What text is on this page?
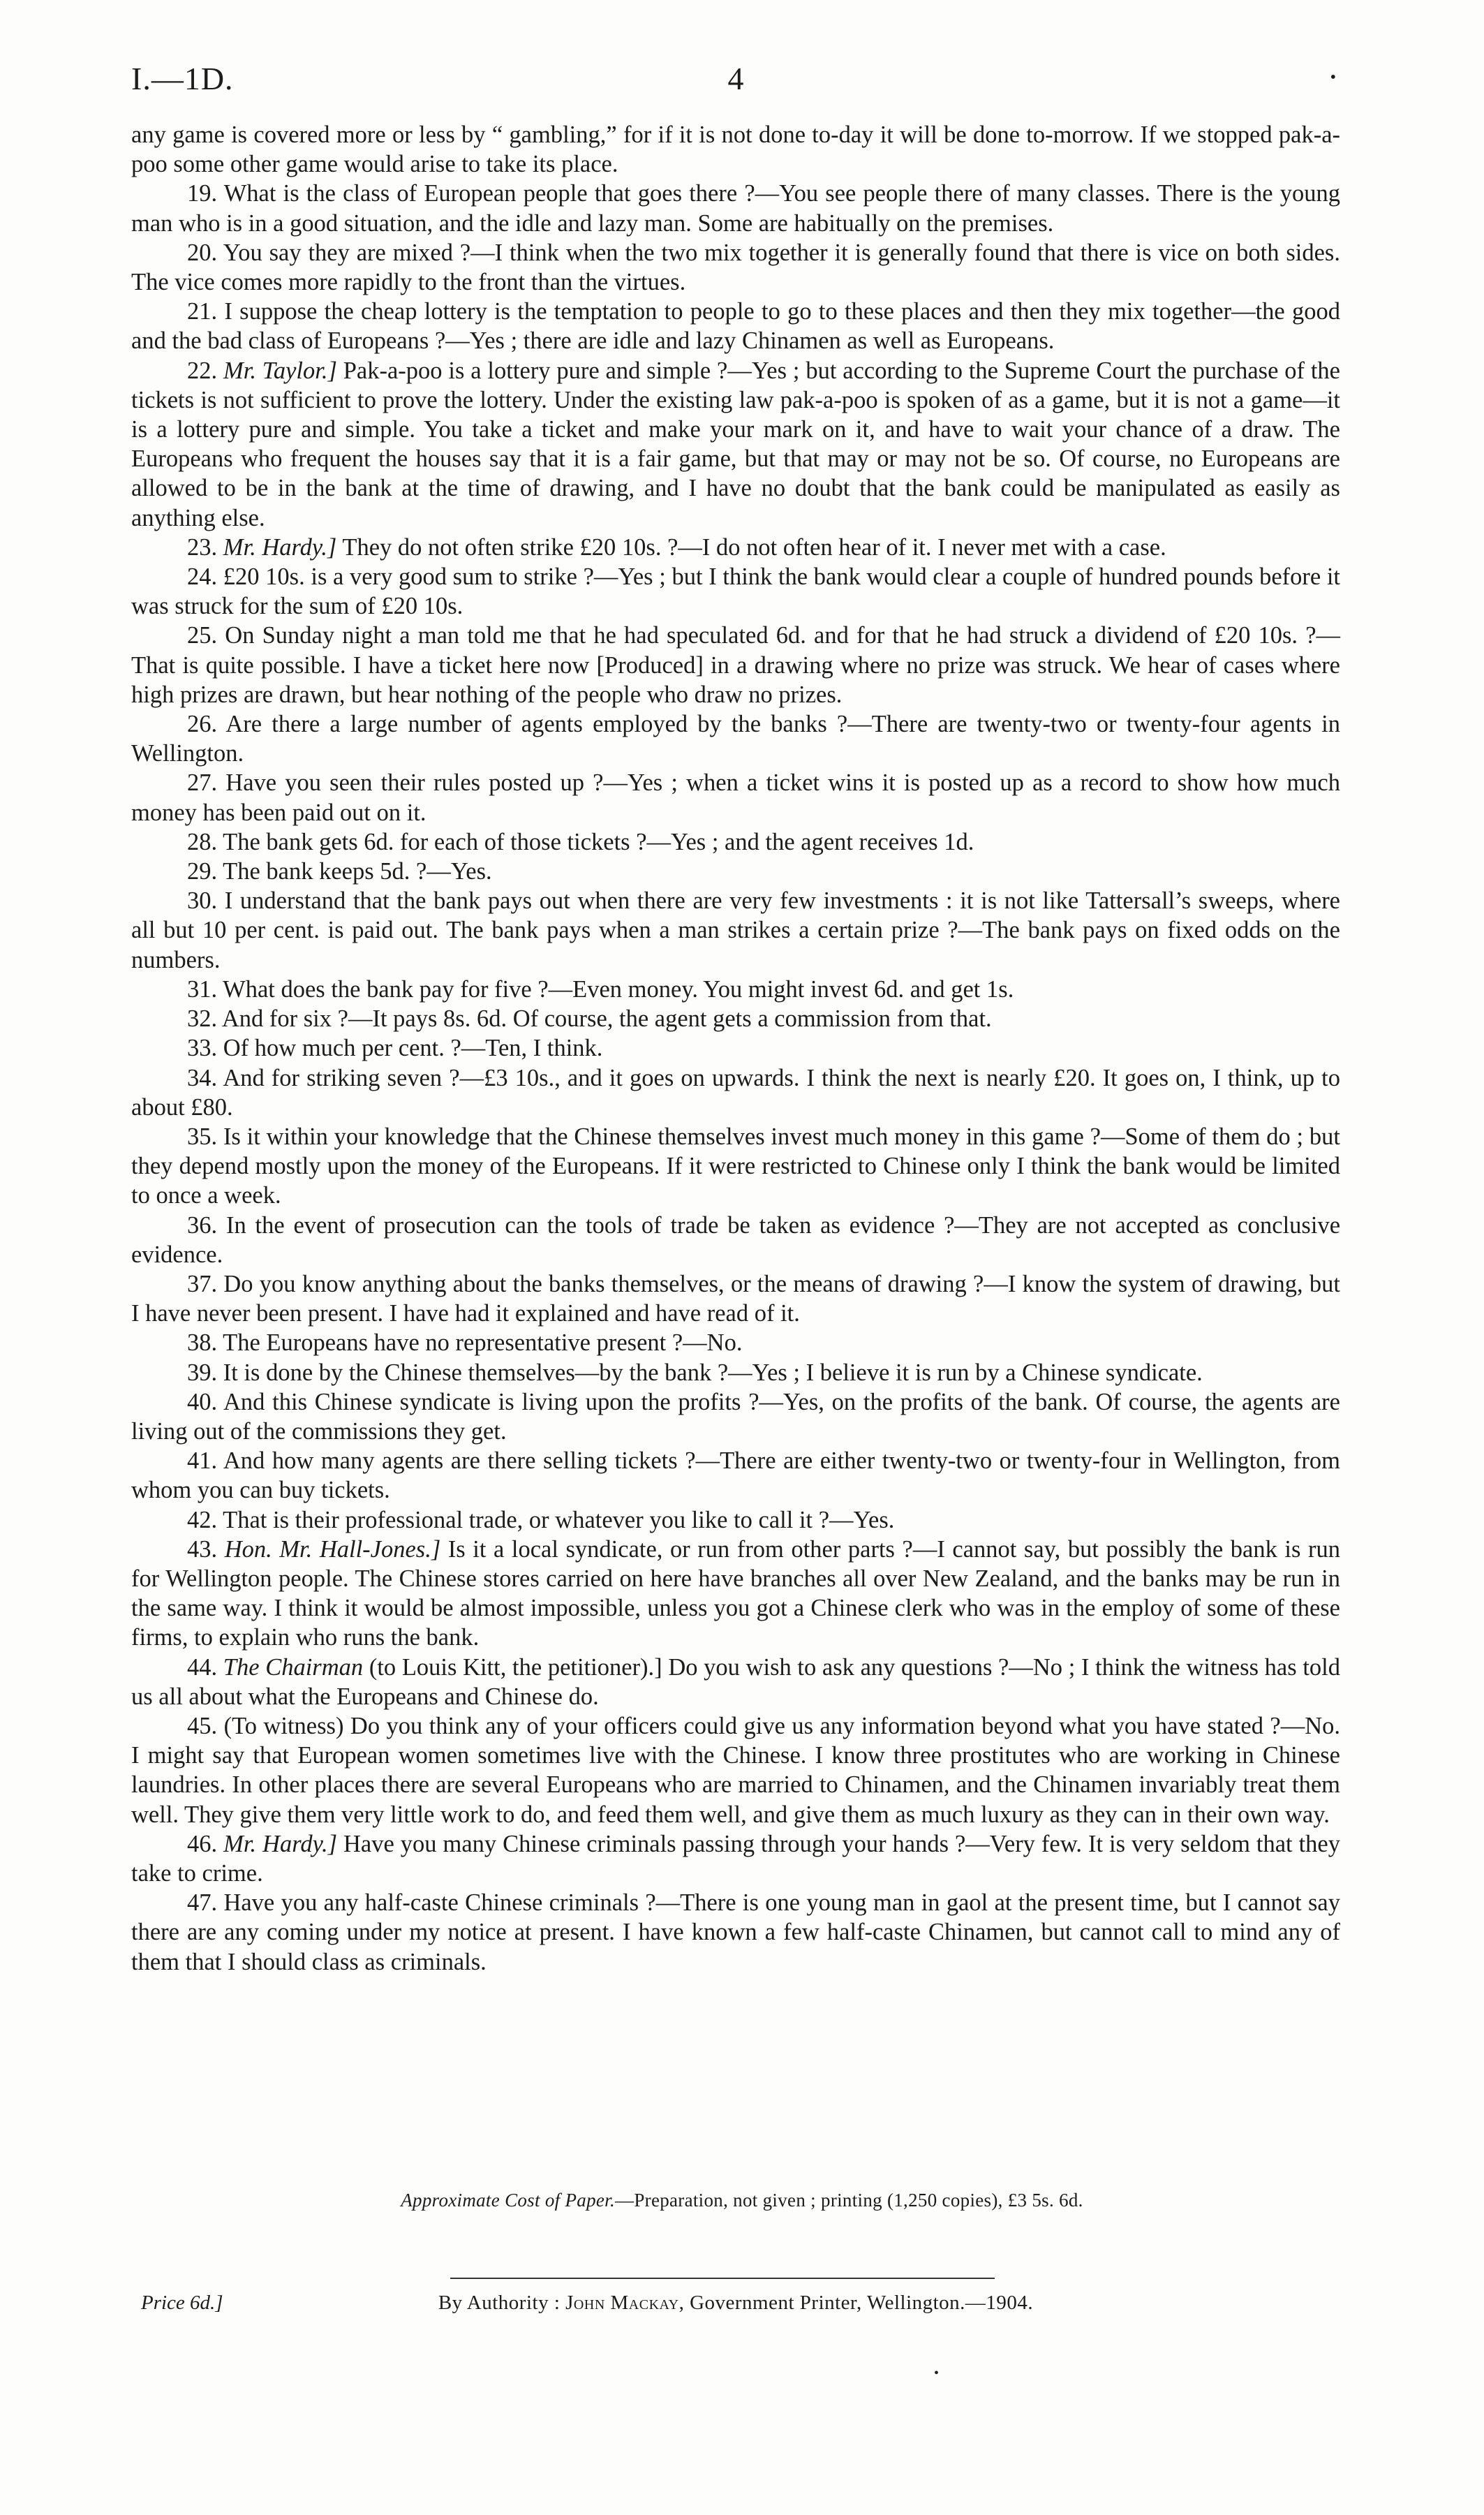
I.—1D.	4	•

any game is covered more or less by “ gambling,” for if it is not done to-day it will be done to-morrow. If we stopped pak-a-poo some other game would arise to take its place.

19. What is the class of European people that goes there ?—You see people there of many classes. There is the young man who is in a good situation, and the idle and lazy man. Some are habitually on the premises.

20. You say they are mixed ?—I think when the two mix together it is generally found that there is vice on both sides. The vice comes more rapidly to the front than the virtues.

21. I suppose the cheap lottery is the temptation to people to go to these places and then they mix together—the good and the bad class of Europeans ?—Yes ; there are idle and lazy Chinamen as well as Europeans.

22. Mr. Taylor.] Pak-a-poo is a lottery pure and simple ?—Yes ; but according to the Supreme Court the purchase of the tickets is not sufficient to prove the lottery. Under the existing law pak-a-poo is spoken of as a game, but it is not a game—it is a lottery pure and simple. You take a ticket and make your mark on it, and have to wait your chance of a draw. The Europeans who frequent the houses say that it is a fair game, but that may or may not be so. Of course, no Europeans are allowed to be in the bank at the time of drawing, and I have no doubt that the bank could be manipulated as easily as anything else.

23. Mr. Hardy.] They do not often strike £20 10s. ?—I do not often hear of it. I never met with a case.

24. £20 10s. is a very good sum to strike ?—Yes ; but I think the bank would clear a couple of hundred pounds before it was struck for the sum of £20 10s.

25. On Sunday night a man told me that he had speculated 6d. and for that he had struck a dividend of £20 10s. ?—That is quite possible. I have a ticket here now [Produced] in a drawing where no prize was struck. We hear of cases where high prizes are drawn, but hear nothing of the people who draw no prizes.

26. Are there a large number of agents employed by the banks ?—There are twenty-two or twenty-four agents in Wellington.

27. Have you seen their rules posted up ?—Yes ; when a ticket wins it is posted up as a record to show how much money has been paid out on it.

28. The bank gets 6d. for each of those tickets ?—Yes ; and the agent receives 1d.

29. The bank keeps 5d. ?—Yes.

30. I understand that the bank pays out when there are very few investments : it is not like Tattersall’s sweeps, where all but 10 per cent. is paid out. The bank pays when a man strikes a certain prize ?—The bank pays on fixed odds on the numbers.

31. What does the bank pay for five ?—Even money. You might invest 6d. and get 1s.

32. And for six ?—It pays 8s. 6d. Of course, the agent gets a commission from that.

33. Of how much per cent. ?—Ten, I think.

34. And for striking seven ?—£3 10s., and it goes on upwards. I think the next is nearly £20. It goes on, I think, up to about £80.

35. Is it within your knowledge that the Chinese themselves invest much money in this game ?—Some of them do ; but they depend mostly upon the money of the Europeans. If it were restricted to Chinese only I think the bank would be limited to once a week.

36. In the event of prosecution can the tools of trade be taken as evidence ?—They are not accepted as conclusive evidence.

37. Do you know anything about the banks themselves, or the means of drawing ?—I know the system of drawing, but I have never been present. I have had it explained and have read of it.

38. The Europeans have no representative present ?—No.

39. It is done by the Chinese themselves—by the bank ?—Yes ; I believe it is run by a Chinese syndicate.

40. And this Chinese syndicate is living upon the profits ?—Yes, on the profits of the bank. Of course, the agents are living out of the commissions they get.

41. And how many agents are there selling tickets ?—There are either twenty-two or twenty-four in Wellington, from whom you can buy tickets.

42. That is their professional trade, or whatever you like to call it ?—Yes.

43. Hon. Mr. Hall-Jones.] Is it a local syndicate, or run from other parts ?—I cannot say, but possibly the bank is run for Wellington people. The Chinese stores carried on here have branches all over New Zealand, and the banks may be run in the same way. I think it would be almost impossible, unless you got a Chinese clerk who was in the employ of some of these firms, to explain who runs the bank.

44. The Chairman (to Louis Kitt, the petitioner).] Do you wish to ask any questions ?—No ; I think the witness has told us all about what the Europeans and Chinese do.

45. (To witness) Do you think any of your officers could give us any information beyond what you have stated ?—No. I might say that European women sometimes live with the Chinese. I know three prostitutes who are working in Chinese laundries. In other places there are several Europeans who are married to Chinamen, and the Chinamen invariably treat them well. They give them very little work to do, and feed them well, and give them as much luxury as they can in their own way.

46. Mr. Hardy.] Have you many Chinese criminals passing through your hands ?—Very few. It is very seldom that they take to crime.

47. Have you any half-caste Chinese criminals ?—There is one young man in gaol at the present time, but I cannot say there are any coming under my notice at present. I have known a few half-caste Chinamen, but cannot call to mind any of them that I should class as criminals.

Approximate Cost of Paper.—Preparation, not given ; printing (1,250 copies), £3 5s. 6d.
Price 6d.]	By Authority : John Mackay, Government Printer, Wellington.—1904.
•
